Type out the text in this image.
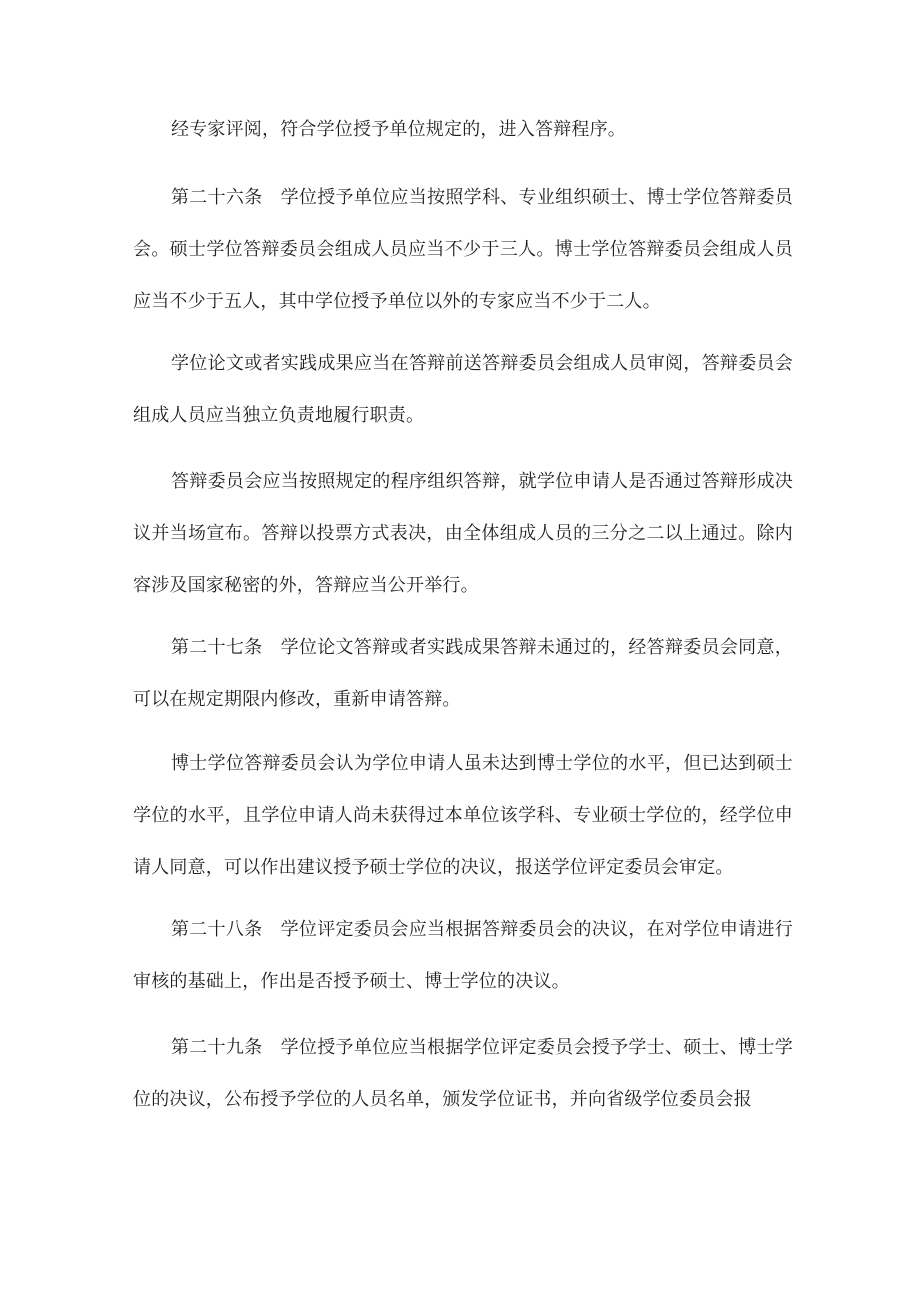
经专家评阅，符合学位授予单位规定的，进入答辩程序。

第二十六条 学位授予单位应当按照学科、专业组织硕士、博士学位答辩委员会。硕士学位答辩委员会组成人员应当不少于三人。博士学位答辩委员会组成人员应当不少于五人，其中学位授予单位以外的专家应当不少于二人。

学位论文或者实践成果应当在答辩前送答辩委员会组成人员审阅，答辩委员会组成人员应当独立负责地履行职责。

答辩委员会应当按照规定的程序组织答辩，就学位申请人是否通过答辩形成决议并当场宣布。答辩以投票方式表决，由全体组成人员的三分之二以上通过。除内容涉及国家秘密的外，答辩应当公开举行。

第二十七条 学位论文答辩或者实践成果答辩未通过的，经答辩委员会同意，可以在规定期限内修改，重新申请答辩。

博士学位答辩委员会认为学位申请人虽未达到博士学位的水平，但已达到硕士学位的水平，且学位申请人尚未获得过本单位该学科、专业硕士学位的，经学位申请人同意，可以作出建议授予硕士学位的决议，报送学位评定委员会审定。

第二十八条 学位评定委员会应当根据答辩委员会的决议，在对学位申请进行审核的基础上，作出是否授予硕士、博士学位的决议。

第二十九条 学位授予单位应当根据学位评定委员会授予学士、硕士、博士学位的决议，公布授予学位的人员名单，颁发学位证书，并向省级学位委员会报
